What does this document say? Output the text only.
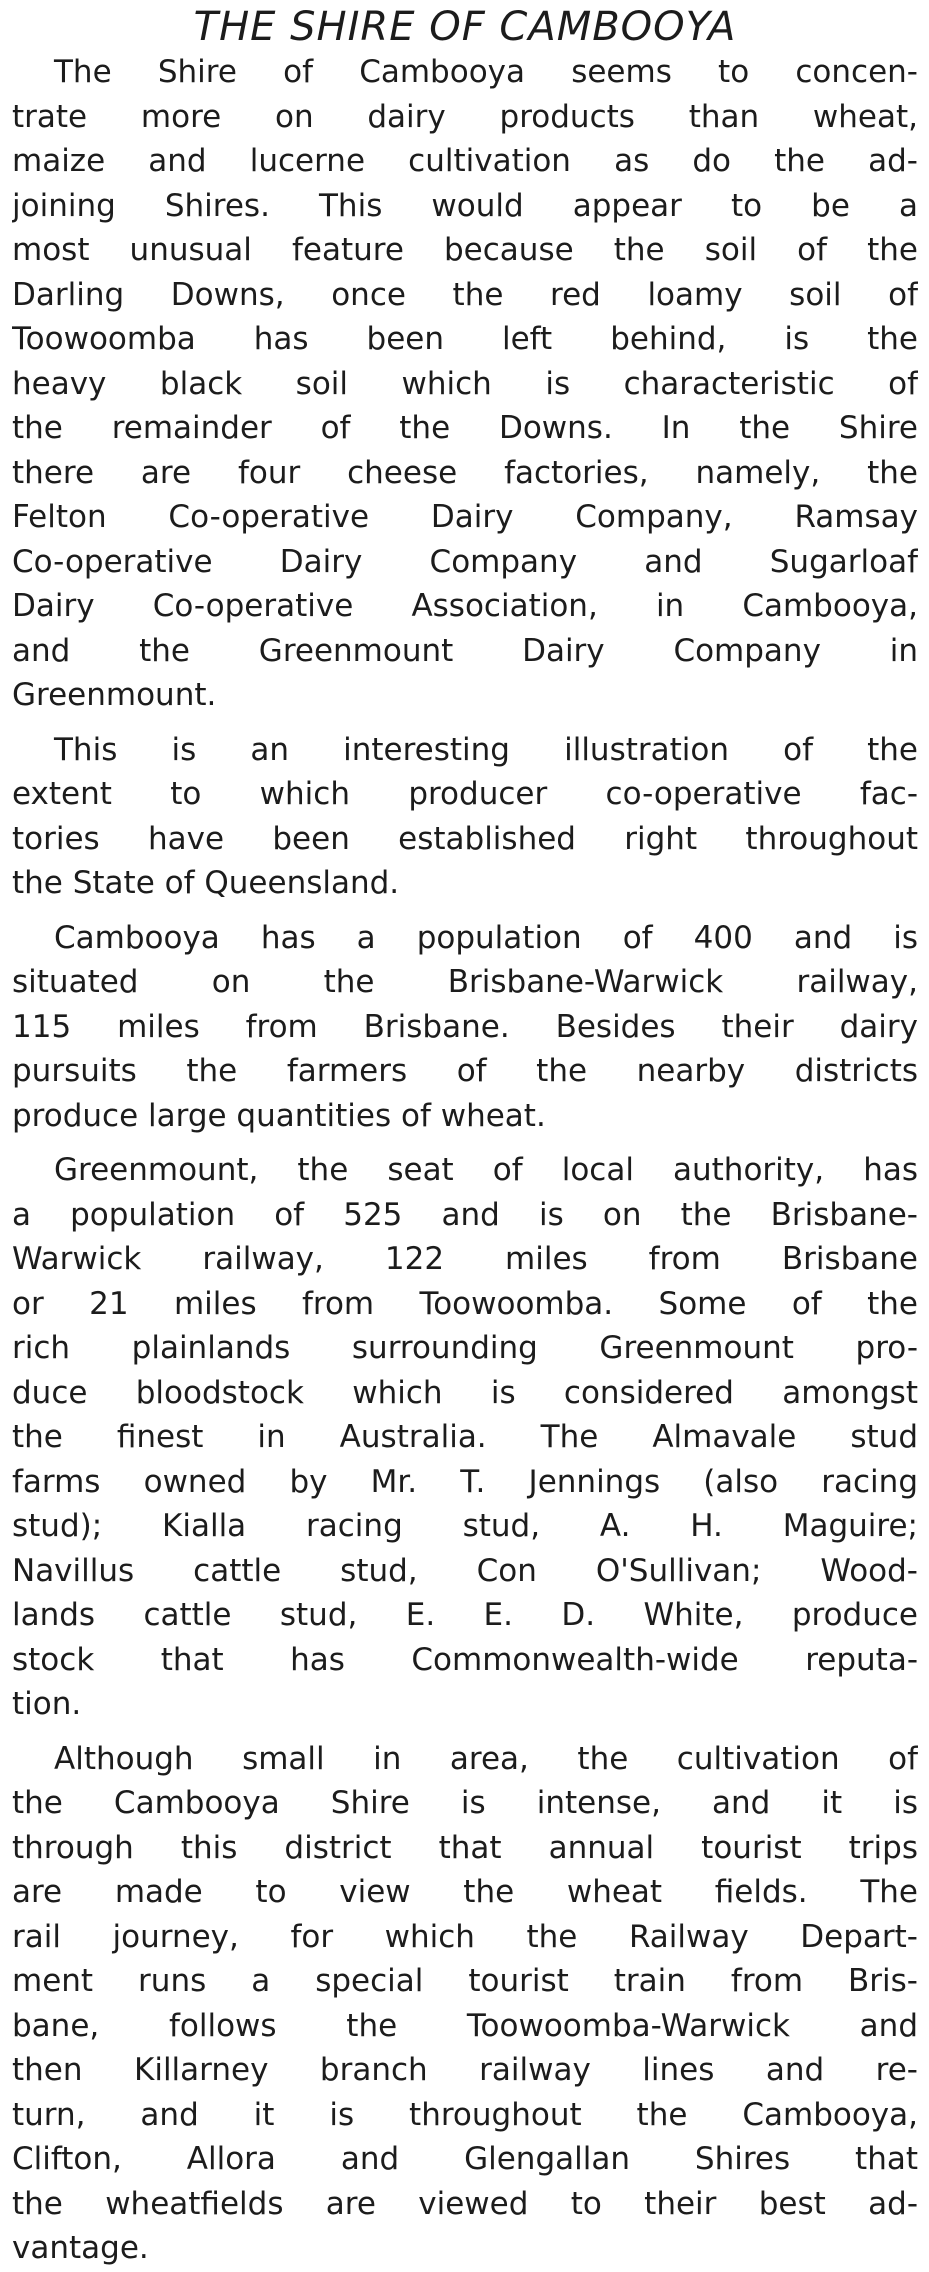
THE SHIRE OF CAMBOOYA
The Shire of Cambooya seems to concen-
trate more on dairy products than wheat,
maize and lucerne cultivation as do the ad-
joining Shires. This would appear to be a
most unusual feature because the soil of the
Darling Downs, once the red loamy soil of
Toowoomba has been left behind, is the
heavy black soil which is characteristic of
the remainder of the Downs. In the Shire
there are four cheese factories, namely, the
Felton Co-operative Dairy Company, Ramsay
Co-operative Dairy Company and Sugarloaf
Dairy Co-operative Association, in Cambooya,
and the Greenmount Dairy Company in
Greenmount.
This is an interesting illustration of the
extent to which producer co-operative fac-
tories have been established right throughout
the State of Queensland.
Cambooya has a population of 400 and is
situated on the Brisbane-Warwick railway,
115 miles from Brisbane. Besides their dairy
pursuits the farmers of the nearby districts
produce large quantities of wheat.
Greenmount, the seat of local authority, has
a population of 525 and is on the Brisbane-
Warwick railway, 122 miles from Brisbane
or 21 miles from Toowoomba. Some of the
rich plainlands surrounding Greenmount pro-
duce bloodstock which is considered amongst
the finest in Australia. The Almavale stud
farms owned by Mr. T. Jennings (also racing
stud); Kialla racing stud, A. H. Maguire;
Navillus cattle stud, Con O'Sullivan; Wood-
lands cattle stud, E. E. D. White, produce
stock that has Commonwealth-wide reputa-
tion.
Although small in area, the cultivation of
the Cambooya Shire is intense, and it is
through this district that annual tourist trips
are made to view the wheat fields. The
rail journey, for which the Railway Depart-
ment runs a special tourist train from Bris-
bane, follows the Toowoomba-Warwick and
then Killarney branch railway lines and re-
turn, and it is throughout the Cambooya,
Clifton, Allora and Glengallan Shires that
the wheatfields are viewed to their best ad-
vantage.
